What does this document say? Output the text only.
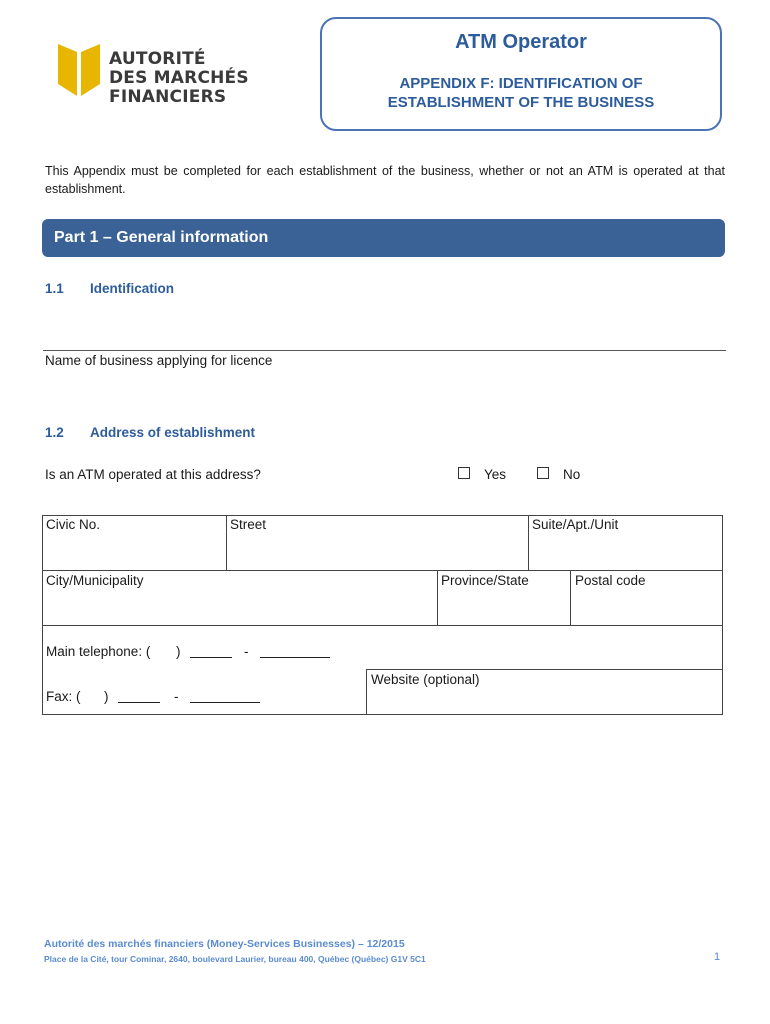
AUTORITÉ
DES MARCHÉS
FINANCIERS
ATM Operator
APPENDIX F: IDENTIFICATION OF
ESTABLISHMENT OF THE BUSINESS
This Appendix must be completed for each establishment of the business, whether or not an ATM is operated at that establishment.
Part 1 – General information
1.1 Identification
Name of business applying for licence
1.2 Address of establishment
Is an ATM operated at this address?	Yes	No
Civic No.	Street	Suite/Apt./Unit
City/Municipality	Province/State	Postal code
Main telephone: ( )	-
Fax: ( )	-
Website (optional)
Autorité des marchés financiers (Money-Services Businesses) – 12/2015
Place de la Cité, tour Cominar, 2640, boulevard Laurier, bureau 400, Québec (Québec) G1V 5C1	1
